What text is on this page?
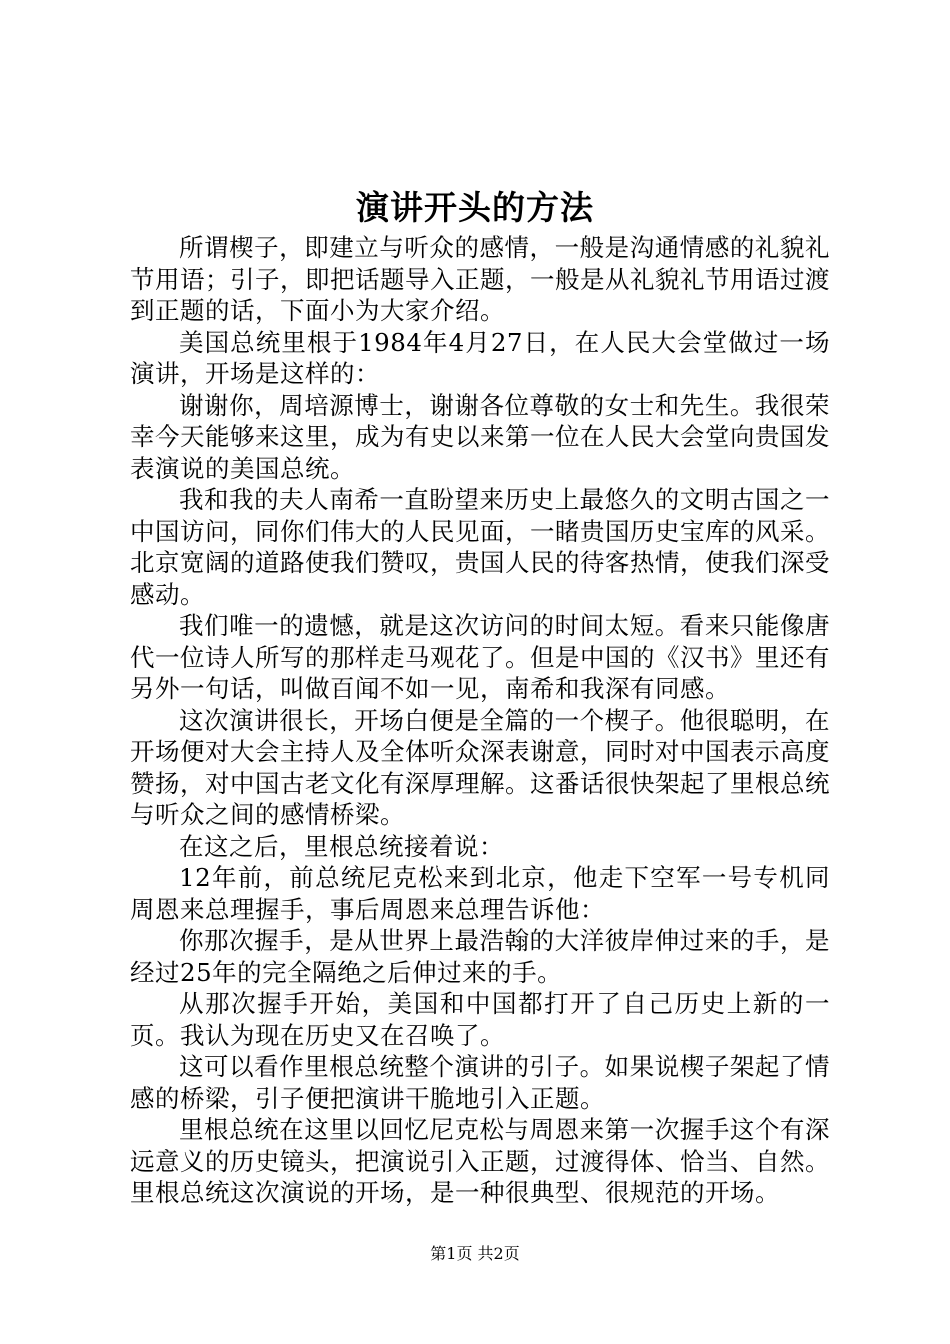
演讲开头的方法

所谓楔子，即建立与听众的感情，一般是沟通情感的礼貌礼节用语；引子，即把话题导入正题，一般是从礼貌礼节用语过渡到正题的话，下面小为大家介绍。

美国总统里根于1984年4月27日，在人民大会堂做过一场演讲，开场是这样的：

谢谢你，周培源博士，谢谢各位尊敬的女士和先生。我很荣幸今天能够来这里，成为有史以来第一位在人民大会堂向贵国发表演说的美国总统。

我和我的夫人南希一直盼望来历史上最悠久的文明古国之一中国访问，同你们伟大的人民见面，一睹贵国历史宝库的风采。北京宽阔的道路使我们赞叹，贵国人民的待客热情，使我们深受感动。

我们唯一的遗憾，就是这次访问的时间太短。看来只能像唐代一位诗人所写的那样走马观花了。但是中国的《汉书》里还有另外一句话，叫做百闻不如一见，南希和我深有同感。

这次演讲很长，开场白便是全篇的一个楔子。他很聪明，在开场便对大会主持人及全体听众深表谢意，同时对中国表示高度赞扬，对中国古老文化有深厚理解。这番话很快架起了里根总统与听众之间的感情桥梁。

在这之后，里根总统接着说：

12年前，前总统尼克松来到北京，他走下空军一号专机同周恩来总理握手，事后周恩来总理告诉他：

你那次握手，是从世界上最浩翰的大洋彼岸伸过来的手，是经过25年的完全隔绝之后伸过来的手。

从那次握手开始，美国和中国都打开了自己历史上新的一页。我认为现在历史又在召唤了。

这可以看作里根总统整个演讲的引子。如果说楔子架起了情感的桥梁，引子便把演讲干脆地引入正题。

里根总统在这里以回忆尼克松与周恩来第一次握手这个有深远意义的历史镜头，把演说引入正题，过渡得体、恰当、自然。里根总统这次演说的开场，是一种很典型、很规范的开场。

第1页 共2页
